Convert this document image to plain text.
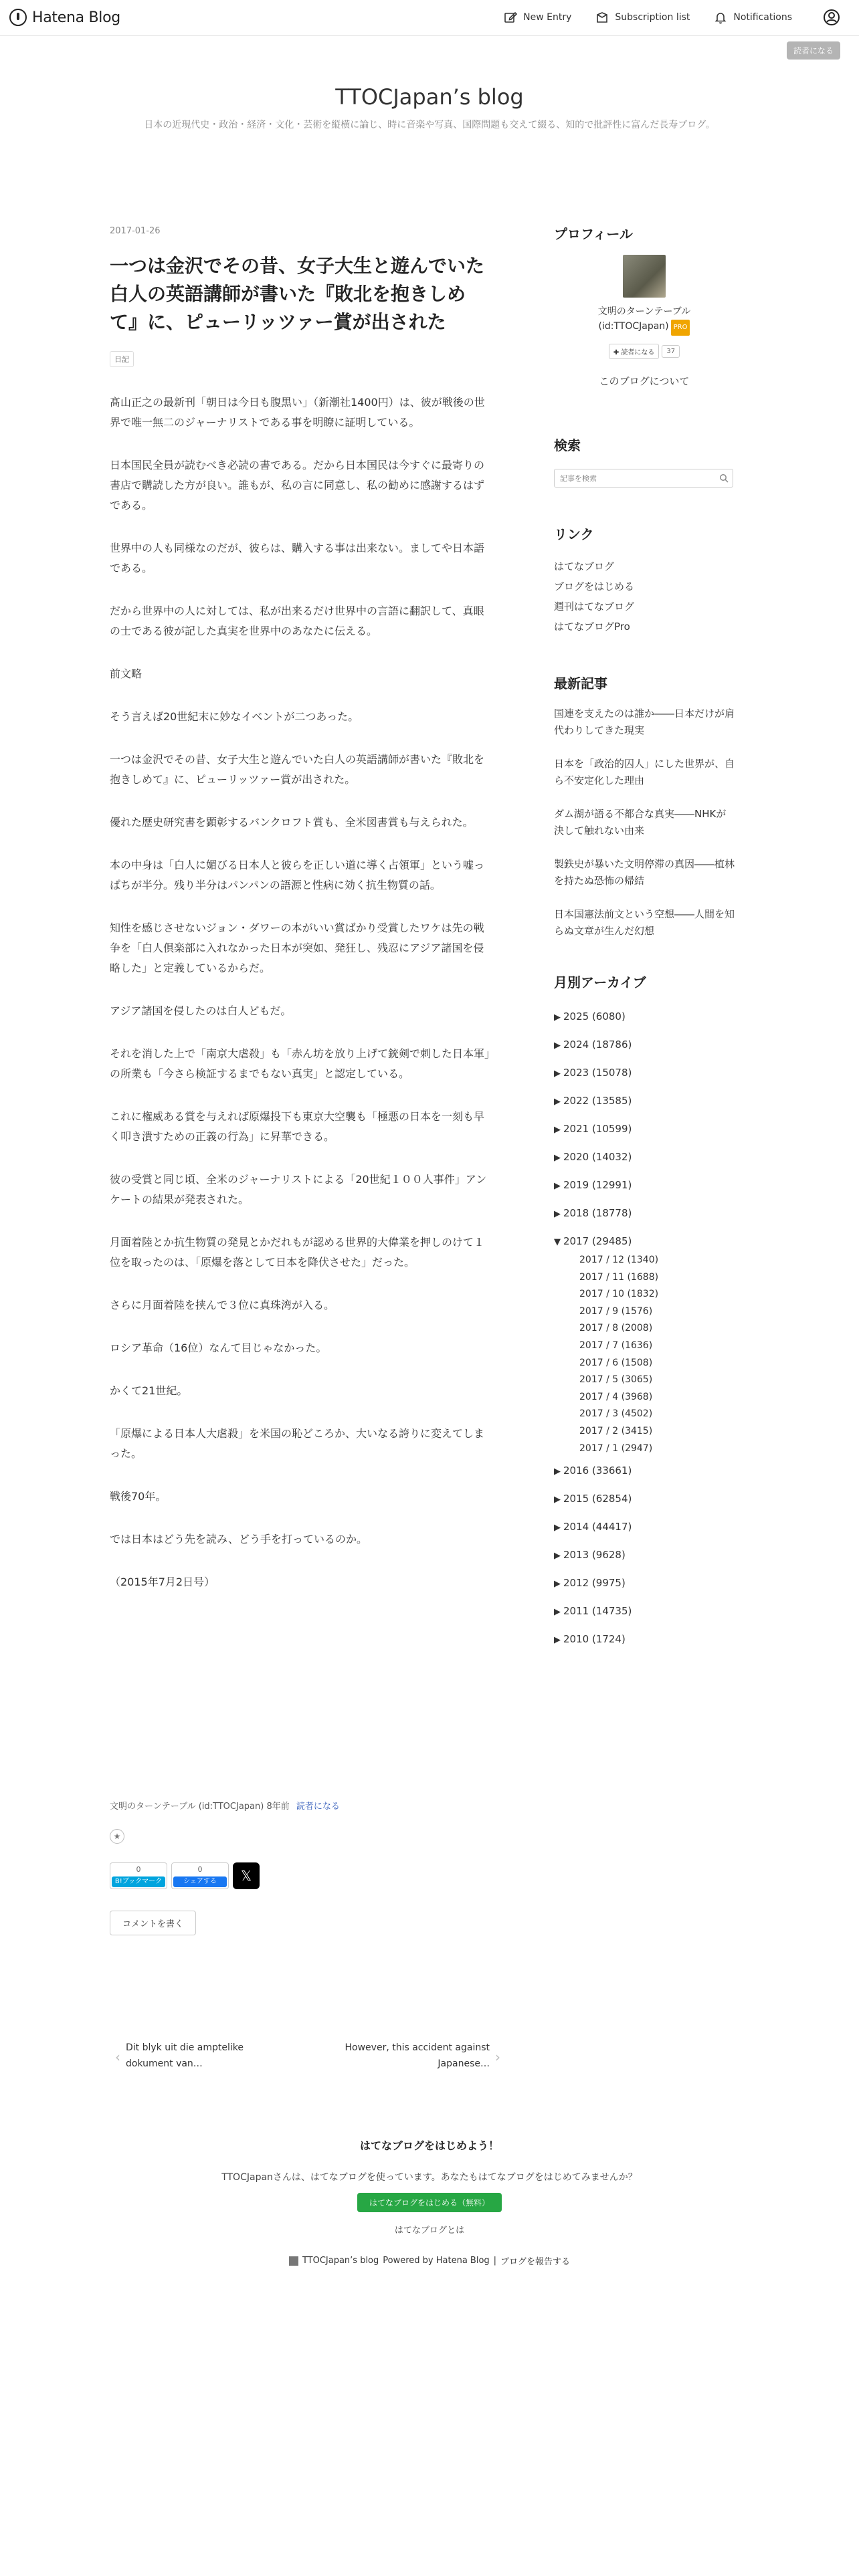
Hatena Blog	New Entry	Subscription list	Notifications
読者になる
TTOCJapan’s blog
日本の近現代史・政治・経済・文化・芸術を縦横に論じ、時に音楽や写真、国際問題も交えて綴る、知的で批評性に富んだ長寿ブログ。
2017-01-26
一つは金沢でその昔、女子大生と遊んでいた白人の英語講師が書いた『敗北を抱きしめて』に、ピューリッツァー賞が出された
日記

髙山正之の最新刊「朝日は今日も腹黒い」（新潮社1400円）は、彼が戦後の世界で唯一無二のジャーナリストである事を明瞭に証明している。

日本国民全員が読むべき必読の書である。だから日本国民は今すぐに最寄りの書店で購読した方が良い。誰もが、私の言に同意し、私の勧めに感謝するはずである。

世界中の人も同様なのだが、彼らは、購入する事は出来ない。ましてや日本語である。

だから世界中の人に対しては、私が出来るだけ世界中の言語に翻訳して、真眼の士である彼が記した真実を世界中のあなたに伝える。

前文略

そう言えば20世紀末に妙なイベントが二つあった。

一つは金沢でその昔、女子大生と遊んでいた白人の英語講師が書いた『敗北を抱きしめて』に、ピューリッツァー賞が出された。

優れた歴史研究書を顕彰するバンクロフト賞も、全米図書賞も与えられた。

本の中身は「白人に媚びる日本人と彼らを正しい道に導く占領軍」という嘘っぱちが半分。残り半分はパンパンの語源と性病に効く抗生物質の話。

知性を感じさせないジョン・ダワーの本がいい賞ばかり受賞したワケは先の戦争を「白人倶楽部に入れなかった日本が突如、発狂し、残忍にアジア諸国を侵略した」と定義しているからだ。

アジア諸国を侵したのは白人どもだ。

それを消した上で「南京大虐殺」も「赤ん坊を放り上げて銃剣で刺した日本軍」の所業も「今さら検証するまでもない真実」と認定している。

これに権威ある賞を与えれば原爆投下も東京大空襲も「極悪の日本を一刻も早く叩き潰すための正義の行為」に昇華できる。

彼の受賞と同じ頃、全米のジャーナリストによる「20世紀１００人事件」アンケートの結果が発表された。

月面着陸とか抗生物質の発見とかだれもが認める世界的大偉業を押しのけて１位を取ったのは、「原爆を落として日本を降伏させた」だった。

さらに月面着陸を挟んで３位に真珠湾が入る。

ロシア革命（16位）なんて目じゃなかった。

かくて21世紀。

「原爆による日本人大虐殺」を米国の恥どころか、大いなる誇りに変えてしまった。

戦後70年。

では日本はどう先を読み、どう手を打っているのか。

（2015年7月2日号）

文明のターンテーブル (id:TTOCJapan) 8年前 読者になる
★
0
B!ブックマーク
0
シェアする	𝕏
コメントを書く
‹
Dit blyk uit die amptelike dokument van…
However, this accident against Japanese… ›
はてなブログをはじめよう！
TTOCJapanさんは、はてなブログを使っています。あなたもはてなブログをはじめてみませんか？
はてなブログをはじめる（無料）
はてなブログとは
TTOCJapan’s blog Powered by Hatena Blog | ブログを報告する
プロフィール
文明のターンテーブル
(id:TTOCJapan) PRO
✚ 読者になる	37
このブログについて
検索
記事を検索
リンク
はてなブログ
ブログをはじめる
週刊はてなブログ
はてなブログPro
最新記事
国連を支えたのは誰か――日本だけが肩代わりしてきた現実
日本を「政治的囚人」にした世界が、自ら不安定化した理由
ダム湖が語る不都合な真実――NHKが決して触れない由来
製鉄史が暴いた文明停滞の真因――植林を持たぬ恐怖の帰結
日本国憲法前文という空想――人間を知らぬ文章が生んだ幻想
月別アーカイブ
▶ 2025 (6080)
▶ 2024 (18786)
▶ 2023 (15078)
▶ 2022 (13585)
▶ 2021 (10599)
▶ 2020 (14032)
▶ 2019 (12991)
▶ 2018 (18778)
▼ 2017 (29485)
2017 / 12 (1340)
2017 / 11 (1688)
2017 / 10 (1832)
2017 / 9 (1576)
2017 / 8 (2008)
2017 / 7 (1636)
2017 / 6 (1508)
2017 / 5 (3065)
2017 / 4 (3968)
2017 / 3 (4502)
2017 / 2 (3415)
2017 / 1 (2947)
▶ 2016 (33661)
▶ 2015 (62854)
▶ 2014 (44417)
▶ 2013 (9628)
▶ 2012 (9975)
▶ 2011 (14735)
▶ 2010 (1724)
